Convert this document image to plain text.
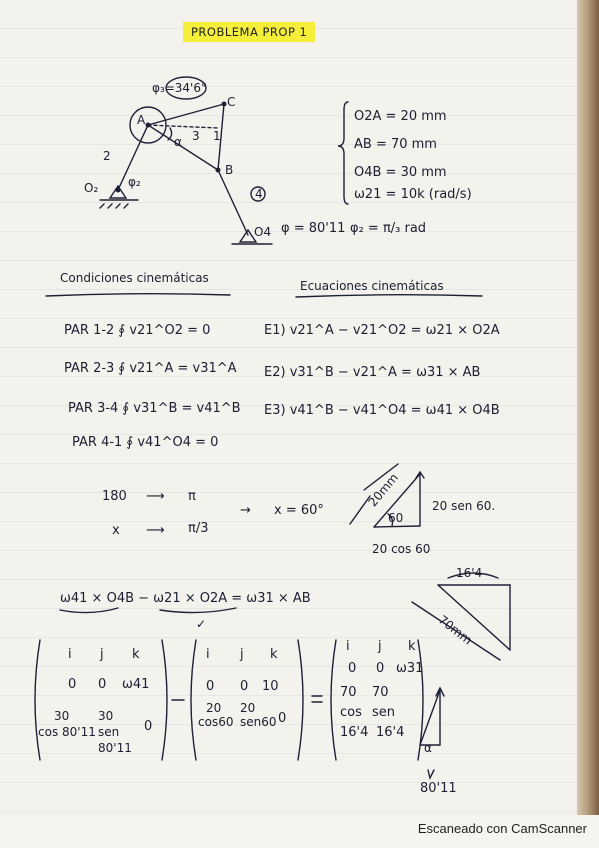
PROBLEMA PROP 1
φ₃=34'6°
A
C
B
O₂
2
3 1
4
α
φ₂
O4 φ = 80'11 φ₂ = π/₃ rad
O2A = 20 mm
AB = 70 mm
O4B = 30 mm
ω21 = 10k (rad/s)
Condiciones cinemáticas
Ecuaciones cinemáticas
PAR 1-2 ∮ v21^O2 = 0
PAR 2-3 ∮ v21^A = v31^A
PAR 3-4 ∮ v31^B = v41^B
PAR 4-1 ∮ v41^O4 = 0
E1) v21^A − v21^O2 = ω21 × O2A
E2) v31^B − v21^A = ω31 × AB
E3) v41^B − v41^O4 = ω41 × O4B
180 ⟶ π
x ⟶ π/3
→ x = 60°
20mm
60
20 sen 60.
20 cos 60
ω41 × O4B − ω21 × O2A = ω31 × AB
✓
16'4
70mm
i j k
0 0 ω41
30 30
cos 80'11 sen 0
80'11
i j k
0 0 10
20 20
cos60 sen60 0
i j k
0 0 ω31
70 70
cos sen
16'4 16'4
α
80'11
Escaneado con CamScanner
